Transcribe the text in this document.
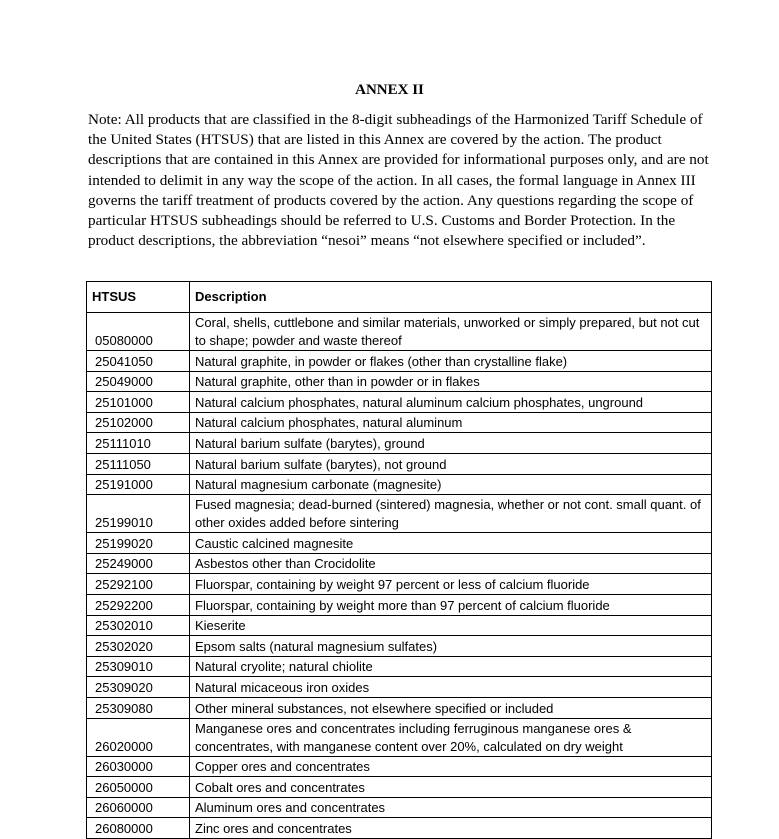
ANNEX II

Note: All products that are classified in the 8-digit subheadings of the Harmonized Tariff Schedule of the United States (HTSUS) that are listed in this Annex are covered by the action. The product descriptions that are contained in this Annex are provided for informational purposes only, and are not intended to delimit in any way the scope of the action. In all cases, the formal language in Annex III governs the tariff treatment of products covered by the action. Any questions regarding the scope of particular HTSUS subheadings should be referred to U.S. Customs and Border Protection. In the product descriptions, the abbreviation “nesoi” means “not elsewhere specified or included”.

HTSUS	Description
05080000	Coral, shells, cuttlebone and similar materials, unworked or simply prepared, but not cut to shape; powder and waste thereof
25041050	Natural graphite, in powder or flakes (other than crystalline flake)
25049000	Natural graphite, other than in powder or in flakes
25101000	Natural calcium phosphates, natural aluminum calcium phosphates, unground
25102000	Natural calcium phosphates, natural aluminum
25111010	Natural barium sulfate (barytes), ground
25111050	Natural barium sulfate (barytes), not ground
25191000	Natural magnesium carbonate (magnesite)
25199010	Fused magnesia; dead-burned (sintered) magnesia, whether or not cont. small quant. of other oxides added before sintering
25199020	Caustic calcined magnesite
25249000	Asbestos other than Crocidolite
25292100	Fluorspar, containing by weight 97 percent or less of calcium fluoride
25292200	Fluorspar, containing by weight more than 97 percent of calcium fluoride
25302010	Kieserite
25302020	Epsom salts (natural magnesium sulfates)
25309010	Natural cryolite; natural chiolite
25309020	Natural micaceous iron oxides
25309080	Other mineral substances, not elsewhere specified or included
26020000	Manganese ores and concentrates including ferruginous manganese ores & concentrates, with manganese content over 20%, calculated on dry weight
26030000	Copper ores and concentrates
26050000	Cobalt ores and concentrates
26060000	Aluminum ores and concentrates
26080000	Zinc ores and concentrates
